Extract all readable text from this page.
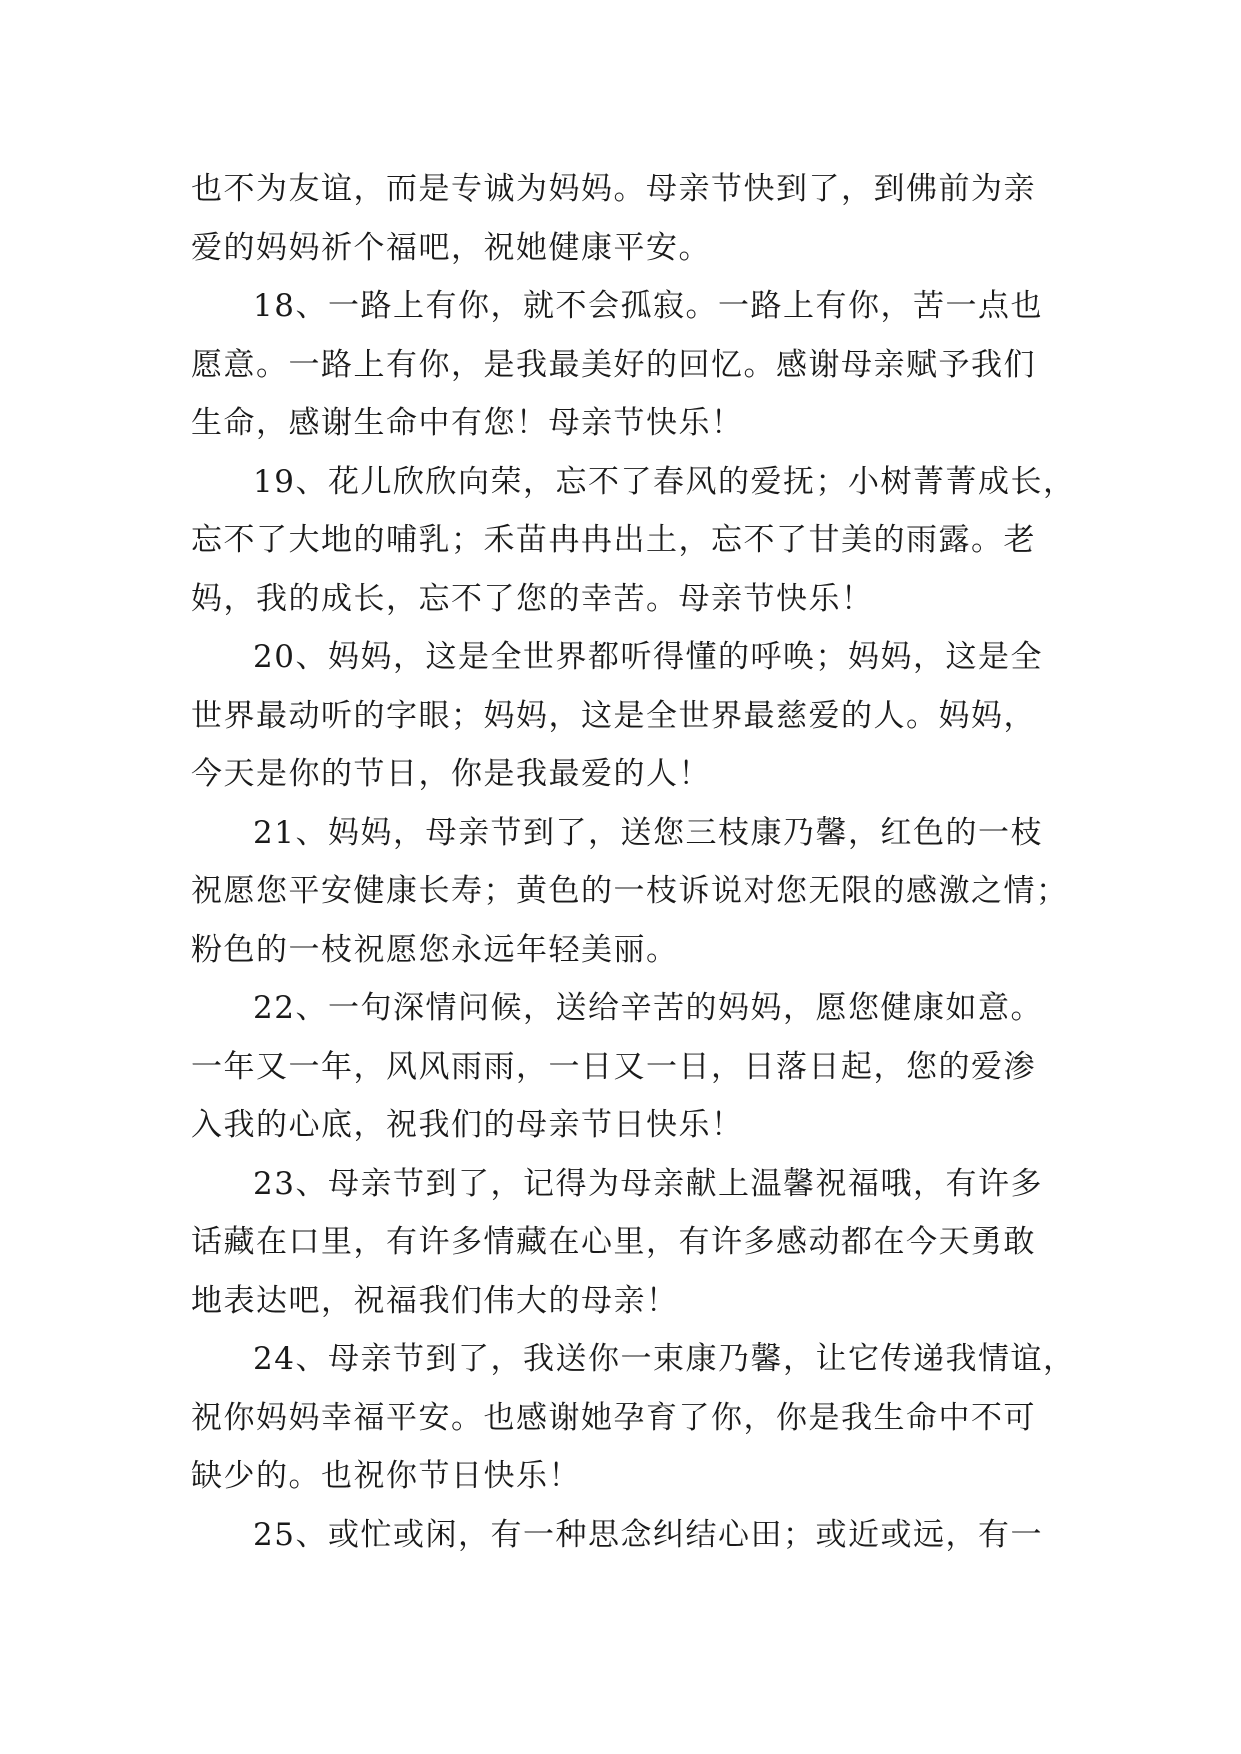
也不为友谊，而是专诚为妈妈。母亲节快到了，到佛前为亲
爱的妈妈祈个福吧，祝她健康平安。
18、一路上有你，就不会孤寂。一路上有你，苦一点也
愿意。一路上有你，是我最美好的回忆。感谢母亲赋予我们
生命，感谢生命中有您！母亲节快乐！
19、花儿欣欣向荣，忘不了春风的爱抚；小树菁菁成长，
忘不了大地的哺乳；禾苗冉冉出土，忘不了甘美的雨露。老
妈，我的成长，忘不了您的幸苦。母亲节快乐！
20、妈妈，这是全世界都听得懂的呼唤；妈妈，这是全
世界最动听的字眼；妈妈，这是全世界最慈爱的人。妈妈，
今天是你的节日，你是我最爱的人！
21、妈妈，母亲节到了，送您三枝康乃馨，红色的一枝
祝愿您平安健康长寿；黄色的一枝诉说对您无限的感激之情；
粉色的一枝祝愿您永远年轻美丽。
22、一句深情问候，送给辛苦的妈妈，愿您健康如意。
一年又一年，风风雨雨，一日又一日，日落日起，您的爱渗
入我的心底，祝我们的母亲节日快乐！
23、母亲节到了，记得为母亲献上温馨祝福哦，有许多
话藏在口里，有许多情藏在心里，有许多感动都在今天勇敢
地表达吧，祝福我们伟大的母亲！
24、母亲节到了，我送你一束康乃馨，让它传递我情谊，
祝你妈妈幸福平安。也感谢她孕育了你，你是我生命中不可
缺少的。也祝你节日快乐！
25、或忙或闲，有一种思念纠结心田；或近或远，有一
